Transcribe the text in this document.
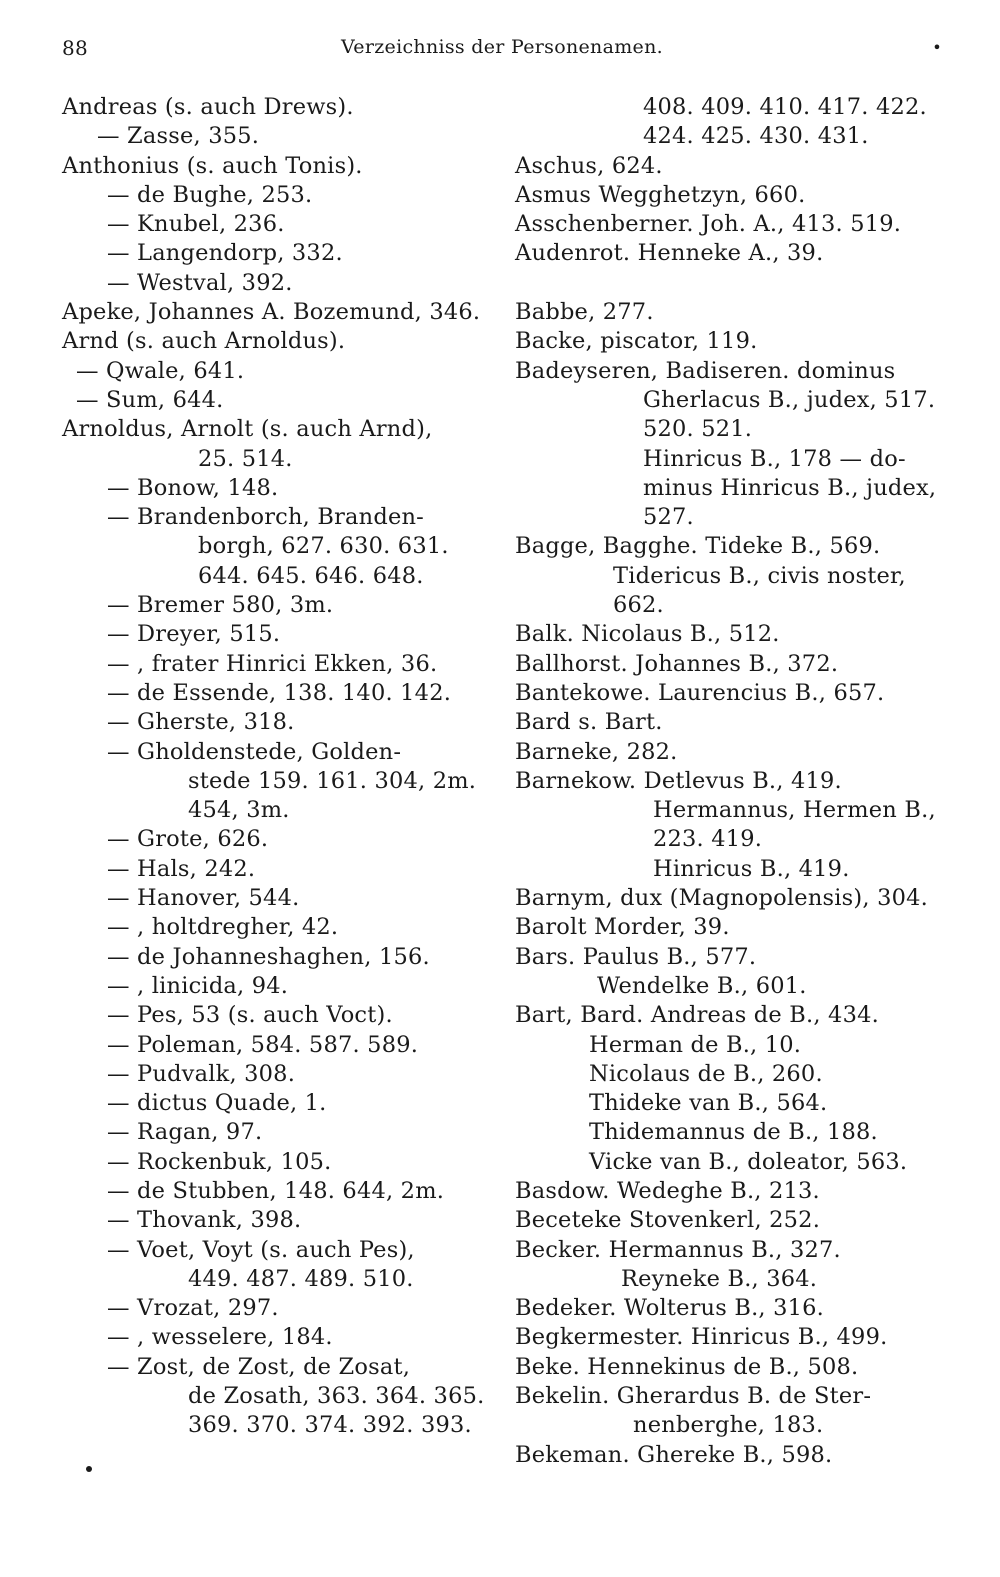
88	Verzeichniss der Personenamen.	•
Andreas (s. auch Drews).
— Zasse, 355.
Anthonius (s. auch Tonis).
— de Bughe, 253.
— Knubel, 236.
— Langendorp, 332.
— Westval, 392.
Apeke, Johannes A. Bozemund, 346.
Arnd (s. auch Arnoldus).
— Qwale, 641.
— Sum, 644.
Arnoldus, Arnolt (s. auch Arnd),
25. 514.
— Bonow, 148.
— Brandenborch, Branden-
borgh, 627. 630. 631.
644. 645. 646. 648.
— Bremer 580, 3m.
— Dreyer, 515.
— , frater Hinrici Ekken, 36.
— de Essende, 138. 140. 142.
— Gherste, 318.
— Gholdenstede, Golden-
stede 159. 161. 304, 2m.
454, 3m.
— Grote, 626.
— Hals, 242.
— Hanover, 544.
— , holtdregher, 42.
— de Johanneshaghen, 156.
— , linicida, 94.
— Pes, 53 (s. auch Voct).
— Poleman, 584. 587. 589.
— Pudvalk, 308.
— dictus Quade, 1.
— Ragan, 97.
— Rockenbuk, 105.
— de Stubben, 148. 644, 2m.
— Thovank, 398.
— Voet, Voyt (s. auch Pes),
449. 487. 489. 510.
— Vrozat, 297.
— , wesselere, 184.
— Zost, de Zost, de Zosat,
de Zosath, 363. 364. 365.
369. 370. 374. 392. 393.
408. 409. 410. 417. 422.
424. 425. 430. 431.
Aschus, 624.
Asmus Wegghetzyn, 660.
Asschenberner. Joh. A., 413. 519.
Audenrot. Henneke A., 39.
Babbe, 277.
Backe, piscator, 119.
Badeyseren, Badiseren. dominus
Gherlacus B., judex, 517.
520. 521.
Hinricus B., 178 — do-
minus Hinricus B., judex,
527.
Bagge, Bagghe. Tideke B., 569.
Tidericus B., civis noster,
662.
Balk. Nicolaus B., 512.
Ballhorst. Johannes B., 372.
Bantekowe. Laurencius B., 657.
Bard s. Bart.
Barneke, 282.
Barnekow. Detlevus B., 419.
Hermannus, Hermen B.,
223. 419.
Hinricus B., 419.
Barnym, dux (Magnopolensis), 304.
Barolt Morder, 39.
Bars. Paulus B., 577.
Wendelke B., 601.
Bart, Bard. Andreas de B., 434.
Herman de B., 10.
Nicolaus de B., 260.
Thideke van B., 564.
Thidemannus de B., 188.
Vicke van B., doleator, 563.
Basdow. Wedeghe B., 213.
Beceteke Stovenkerl, 252.
Becker. Hermannus B., 327.
Reyneke B., 364.
Bedeker. Wolterus B., 316.
Begkermester. Hinricus B., 499.
Beke. Hennekinus de B., 508.
Bekelin. Gherardus B. de Ster-
nenberghe, 183.
Bekeman. Ghereke B., 598.
